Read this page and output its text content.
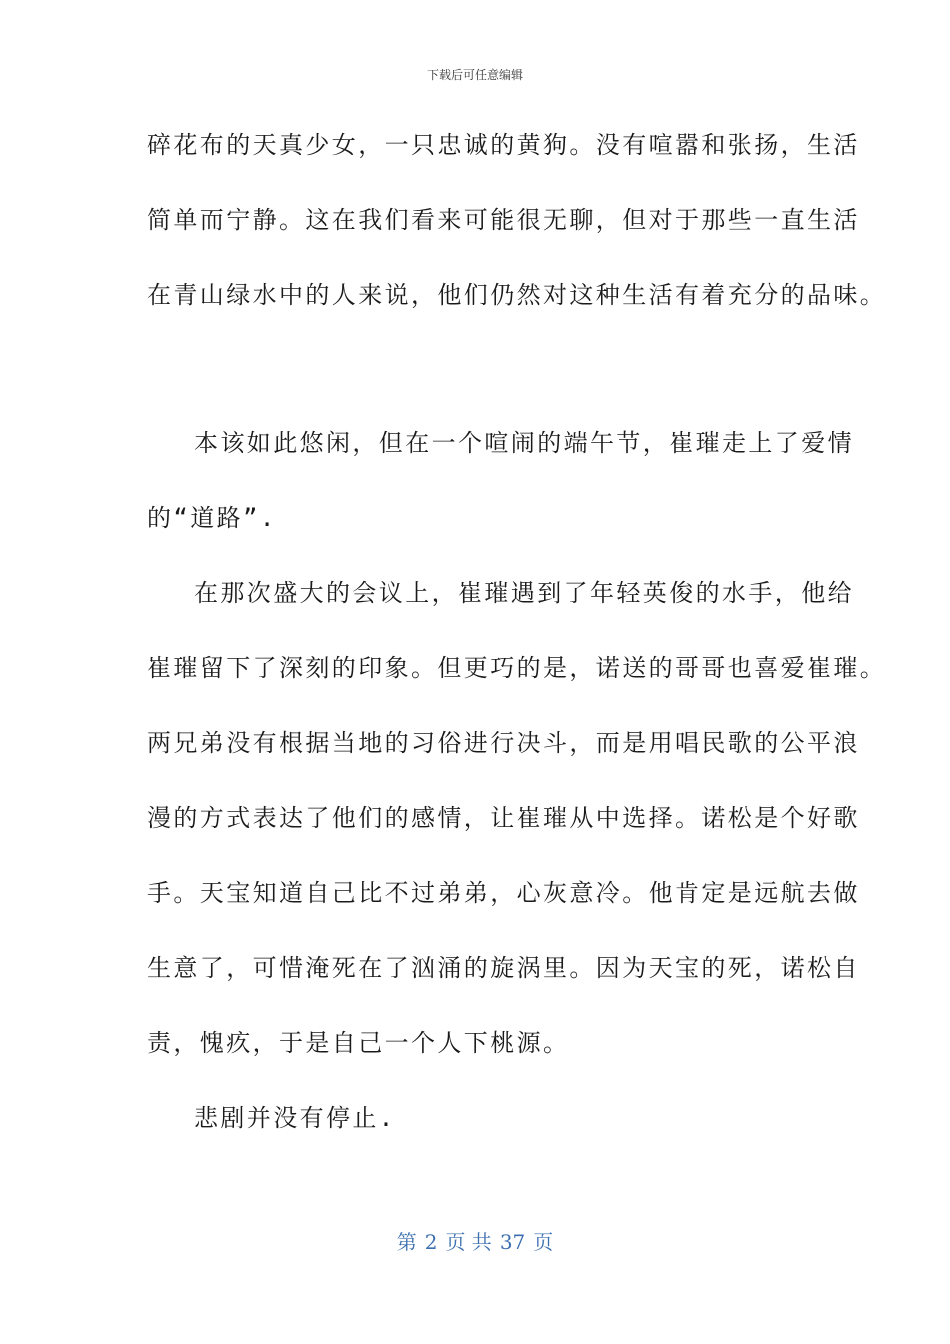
下载后可任意编辑
碎花布的天真少女，一只忠诚的黄狗。没有喧嚣和张扬，生活
简单而宁静。这在我们看来可能很无聊，但对于那些一直生活
在青山绿水中的人来说，他们仍然对这种生活有着充分的品味。
本该如此悠闲，但在一个喧闹的端午节，崔璀走上了爱情
的“道路”.
在那次盛大的会议上，崔璀遇到了年轻英俊的水手，他给
崔璀留下了深刻的印象。但更巧的是，诺送的哥哥也喜爱崔璀。
两兄弟没有根据当地的习俗进行决斗，而是用唱民歌的公平浪
漫的方式表达了他们的感情，让崔璀从中选择。诺松是个好歌
手。天宝知道自己比不过弟弟，心灰意冷。他肯定是远航去做
生意了，可惜淹死在了汹涌的旋涡里。因为天宝的死，诺松自
责，愧疚，于是自己一个人下桃源。
悲剧并没有停止.
第 2 页 共 37 页
